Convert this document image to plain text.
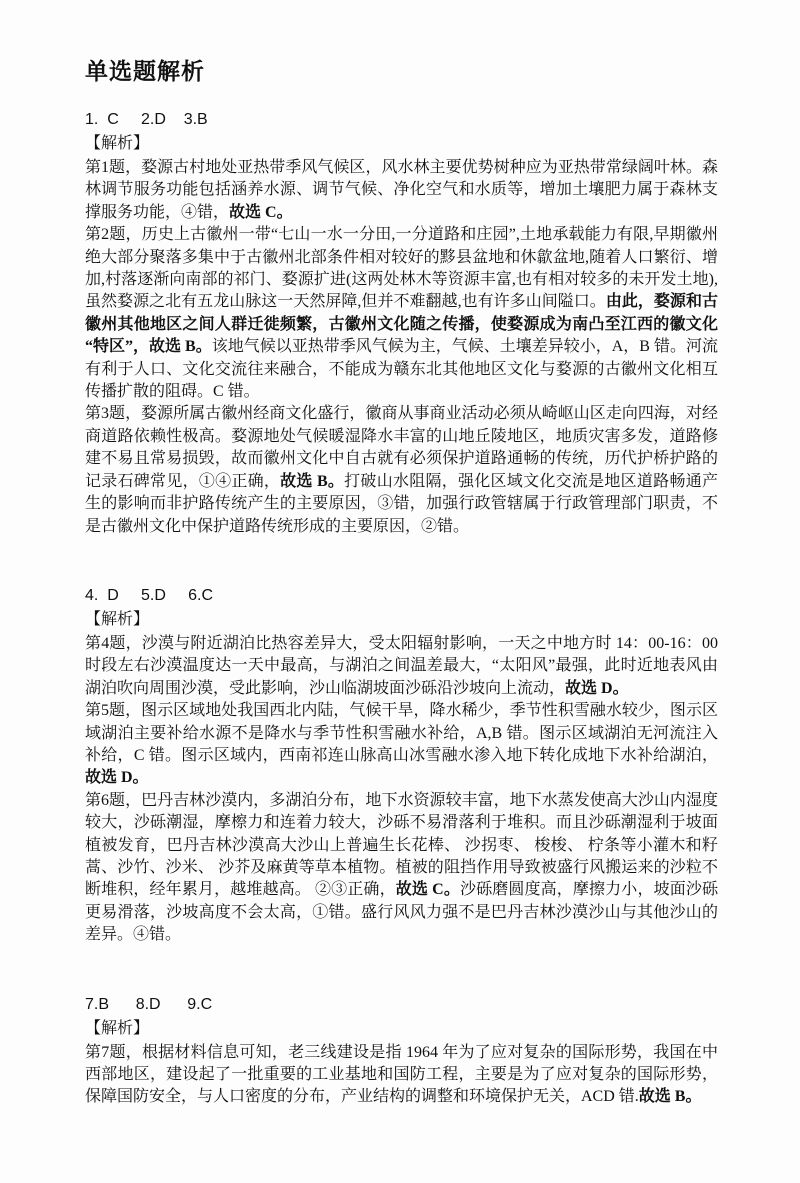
单选题解析
1.  C     2.D    3.B
【解析】

第1题，婺源古村地处亚热带季风气候区，风水林主要优势树种应为亚热带常绿阔叶林。森林调节服务功能包括涵养水源、调节气候、净化空气和水质等，增加土壤肥力属于森林支撑服务功能，④错，故选 C。

第2题，历史上古徽州一带“七山一水一分田,一分道路和庄园”,土地承载能力有限,早期徽州绝大部分聚落多集中于古徽州北部条件相对较好的黟县盆地和休歙盆地,随着人口繁衍、增加,村落逐渐向南部的祁门、婺源扩进(这两处林木等资源丰富,也有相对较多的未开发土地),虽然婺源之北有五龙山脉这一天然屏障,但并不难翻越,也有许多山间隘口。由此，婺源和古徽州其他地区之间人群迁徙频繁，古徽州文化随之传播，使婺源成为南凸至江西的徽文化“特区”，故选 B。该地气候以亚热带季风气候为主，气候、土壤差异较小，A，B 错。河流有利于人口、文化交流往来融合，不能成为赣东北其他地区文化与婺源的古徽州文化相互传播扩散的阻碍。C 错。

第3题，婺源所属古徽州经商文化盛行，徽商从事商业活动必须从崎岖山区走向四海，对经商道路依赖性极高。婺源地处气候暖湿降水丰富的山地丘陵地区，地质灾害多发，道路修建不易且常易损毁，故而徽州文化中自古就有必须保护道路通畅的传统，历代护桥护路的记录石碑常见，①④正确，故选 B。打破山水阻隔，强化区域文化交流是地区道路畅通产生的影响而非护路传统产生的主要原因，③错，加强行政管辖属于行政管理部门职责，不是古徽州文化中保护道路传统形成的主要原因，②错。

4.  D     5.D     6.C
【解析】

第4题，沙漠与附近湖泊比热容差异大，受太阳辐射影响，一天之中地方时 14：00-16：00 时段左右沙漠温度达一天中最高，与湖泊之间温差最大，“太阳风”最强，此时近地表风由湖泊吹向周围沙漠，受此影响，沙山临湖坡面沙砾沿沙坡向上流动，故选 D。

第5题，图示区域地处我国西北内陆，气候干旱，降水稀少，季节性积雪融水较少，图示区域湖泊主要补给水源不是降水与季节性积雪融水补给，A,B 错。图示区域湖泊无河流注入补给，C 错。图示区域内，西南祁连山脉高山冰雪融水渗入地下转化成地下水补给湖泊，故选 D。

第6题，巴丹吉林沙漠内，多湖泊分布，地下水资源较丰富，地下水蒸发使高大沙山内湿度较大，沙砾潮湿，摩檫力和连着力较大，沙砾不易滑落利于堆积。而且沙砾潮湿利于坡面植被发育，巴丹吉林沙漠高大沙山上普遍生长花棒、 沙拐枣、 梭梭、 柠条等小灌木和籽蒿、沙竹、沙米、 沙芥及麻黄等草本植物。植被的阻挡作用导致被盛行风搬运来的沙粒不断堆积，经年累月，越堆越高。 ②③正确，故选 C。沙砾磨圆度高，摩擦力小，坡面沙砾更易滑落，沙坡高度不会太高，①错。盛行风风力强不是巴丹吉林沙漠沙山与其他沙山的差异。④错。

7.B      8.D      9.C
【解析】

第7题，根据材料信息可知，老三线建设是指 1964 年为了应对复杂的国际形势，我国在中西部地区，建设起了一批重要的工业基地和国防工程，主要是为了应对复杂的国际形势，保障国防安全，与人口密度的分布，产业结构的调整和环境保护无关，ACD 错.故选 B。
